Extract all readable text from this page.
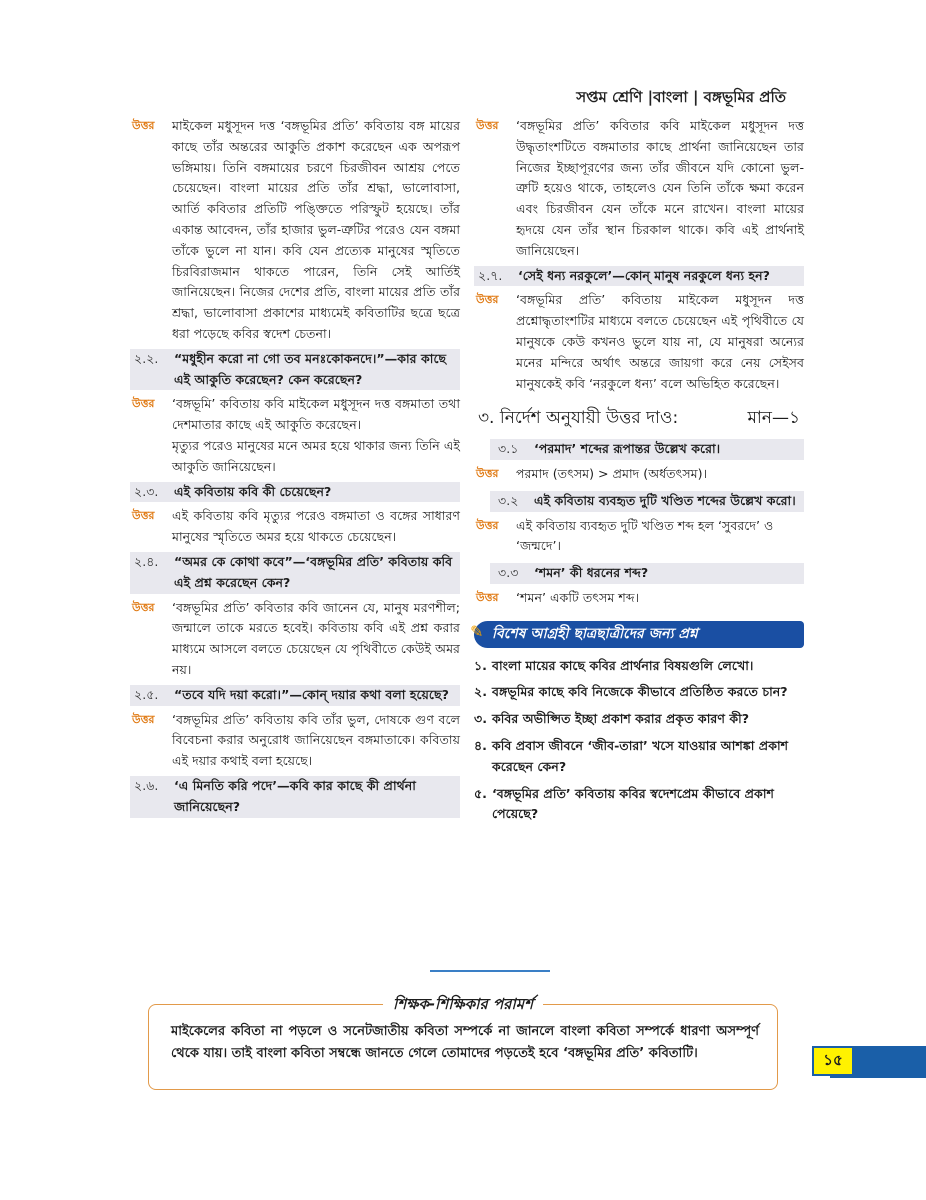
সপ্তম শ্রেণি |বাংলা | বঙ্গভূমির প্রতি
উত্তর মাইকেল মধুসূদন দত্ত ‘বঙ্গভূমির প্রতি’ কবিতায় বঙ্গ মায়ের কাছে তাঁর অন্তরের আকুতি প্রকাশ করেছেন এক অপরূপ ভঙ্গিমায়। তিনি বঙ্গমায়ের চরণে চিরজীবন আশ্রয় পেতে চেয়েছেন। বাংলা মায়ের প্রতি তাঁর শ্রদ্ধা, ভালোবাসা, আর্তি কবিতার প্রতিটি পঙ্ক্তিতে পরিস্ফুট হয়েছে। তাঁর একান্ত আবেদন, তাঁর হাজার ভুল-ত্রুটির পরেও যেন বঙ্গমা তাঁকে ভুলে না যান। কবি যেন প্রত্যেক মানুষের স্মৃতিতে চিরবিরাজমান থাকতে পারেন, তিনি সেই আর্তিই জানিয়েছেন। নিজের দেশের প্রতি, বাংলা মায়ের প্রতি তাঁর শ্রদ্ধা, ভালোবাসা প্রকাশের মাধ্যমেই কবিতাটির ছত্রে ছত্রে ধরা পড়েছে কবির স্বদেশ চেতনা।

২.২.	“মধুহীন করো না গো তব মনঃকোকনদে।”—কার কাছে এই আকুতি করেছেন? কেন করেছেন?
উত্তর ‘বঙ্গভূমি’ কবিতায় কবি মাইকেল মধুসূদন দত্ত বঙ্গমাতা তথা দেশমাতার কাছে এই আকুতি করেছেন।

মৃত্যুর পরেও মানুষের মনে অমর হয়ে থাকার জন্য তিনি এই আকুতি জানিয়েছেন।

২.৩.	এই কবিতায় কবি কী চেয়েছেন?
উত্তর এই কবিতায় কবি মৃত্যুর পরেও বঙ্গমাতা ও বঙ্গের সাধারণ মানুষের স্মৃতিতে অমর হয়ে থাকতে চেয়েছেন।

২.৪.	“অমর কে কোথা কবে”—‘বঙ্গভূমির প্রতি’ কবিতায় কবি এই প্রশ্ন করেছেন কেন?
উত্তর ‘বঙ্গভূমির প্রতি’ কবিতার কবি জানেন যে, মানুষ মরণশীল; জন্মালে তাকে মরতে হবেই। কবিতায় কবি এই প্রশ্ন করার মাধ্যমে আসলে বলতে চেয়েছেন যে পৃথিবীতে কেউই অমর নয়।

২.৫.	“তবে যদি দয়া করো।”—কোন্ দয়ার কথা বলা হয়েছে?
উত্তর ‘বঙ্গভূমির প্রতি’ কবিতায় কবি তাঁর ভুল, দোষকে গুণ বলে বিবেচনা করার অনুরোধ জানিয়েছেন বঙ্গমাতাকে। কবিতায় এই দয়ার কথাই বলা হয়েছে।

২.৬.	‘এ মিনতি করি পদে’—কবি কার কাছে কী প্রার্থনা জানিয়েছেন?
উত্তর ‘বঙ্গভূমির প্রতি’ কবিতার কবি মাইকেল মধুসূদন দত্ত উদ্ধৃতাংশটিতে বঙ্গমাতার কাছে প্রার্থনা জানিয়েছেন তার নিজের ইচ্ছাপূরণের জন্য তাঁর জীবনে যদি কোনো ভুল-ত্রুটি হয়েও থাকে, তাহলেও যেন তিনি তাঁকে ক্ষমা করেন এবং চিরজীবন যেন তাঁকে মনে রাখেন। বাংলা মায়ের হৃদয়ে যেন তাঁর স্থান চিরকাল থাকে। কবি এই প্রার্থনাই জানিয়েছেন।

২.৭.	‘সেই ধন্য নরকুলে’—কোন্ মানুষ নরকুলে ধন্য হন?
উত্তর ‘বঙ্গভূমির প্রতি’ কবিতায় মাইকেল মধুসূদন দত্ত প্রশ্নোদ্ধৃতাংশটির মাধ্যমে বলতে চেয়েছেন এই পৃথিবীতে যে মানুষকে কেউ কখনও ভুলে যায় না, যে মানুষরা অন্যের মনের মন্দিরে অর্থাৎ অন্তরে জায়গা করে নেয় সেইসব মানুষকেই কবি ‘নরকুলে ধন্য’ বলে অভিহিত করেছেন।

৩. নির্দেশ অনুযায়ী উত্তর দাও:	মান—১
৩.১	‘পরমাদ’ শব্দের রূপান্তর উল্লেখ করো।
উত্তর পরমাদ (তৎসম) > প্রমাদ (অর্ধতৎসম)।
৩.২	এই কবিতায় ব্যবহৃত দুটি খণ্ডিত শব্দের উল্লেখ করো।
উত্তর এই কবিতায় ব্যবহৃত দুটি খণ্ডিত শব্দ হল ‘সুবরদে’ ও ‘জন্মদে’।
৩.৩	‘শমন’ কী ধরনের শব্দ?
উত্তর ‘শমন’ একটি তৎসম শব্দ।
✎ বিশেষ আগ্রহী ছাত্রছাত্রীদের জন্য প্রশ্ন
১. বাংলা মায়ের কাছে কবির প্রার্থনার বিষয়গুলি লেখো।
২. বঙ্গভূমির কাছে কবি নিজেকে কীভাবে প্রতিষ্ঠিত করতে চান?
৩. কবির অভীপ্সিত ইচ্ছা প্রকাশ করার প্রকৃত কারণ কী?
৪. কবি প্রবাস জীবনে ‘জীব-তারা’ খসে যাওয়ার আশঙ্কা প্রকাশ করেছেন কেন?
৫. ‘বঙ্গভূমির প্রতি’ কবিতায় কবির স্বদেশপ্রেম কীভাবে প্রকাশ পেয়েছে?
শিক্ষক-শিক্ষিকার পরামর্শ
মাইকেলের কবিতা না পড়লে ও সনেটজাতীয় কবিতা সম্পর্কে না জানলে বাংলা কবিতা সম্পর্কে ধারণা অসম্পূর্ণ থেকে যায়। তাই বাংলা কবিতা সম্বন্ধে জানতে গেলে তোমাদের পড়তেই হবে ‘বঙ্গভূমির প্রতি’ কবিতাটি।	১৫
